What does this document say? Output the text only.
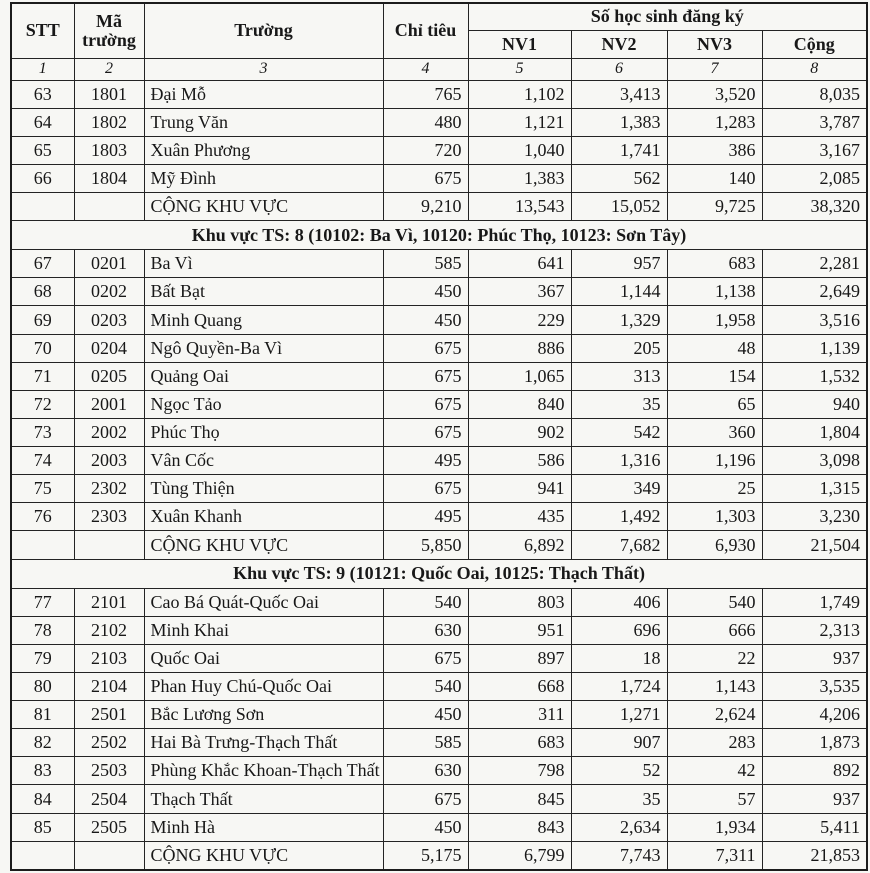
STT	Mã trường	Trường	Chỉ tiêu	Số học sinh đăng ký			
				NV1	NV2	NV3	Cộng
1	2	3	4	5	6	7	8
63	1801	Đại Mỗ	765	1,102	3,413	3,520	8,035
64	1802	Trung Văn	480	1,121	1,383	1,283	3,787
65	1803	Xuân Phương	720	1,040	1,741	386	3,167
66	1804	Mỹ Đình	675	1,383	562	140	2,085
		CỘNG KHU VỰC	9,210	13,543	15,052	9,725	38,320
Khu vực TS: 8 (10102: Ba Vì, 10120: Phúc Thọ, 10123: Sơn Tây)							
67	0201	Ba Vì	585	641	957	683	2,281
68	0202	Bất Bạt	450	367	1,144	1,138	2,649
69	0203	Minh Quang	450	229	1,329	1,958	3,516
70	0204	Ngô Quyền-Ba Vì	675	886	205	48	1,139
71	0205	Quảng Oai	675	1,065	313	154	1,532
72	2001	Ngọc Tảo	675	840	35	65	940
73	2002	Phúc Thọ	675	902	542	360	1,804
74	2003	Vân Cốc	495	586	1,316	1,196	3,098
75	2302	Tùng Thiện	675	941	349	25	1,315
76	2303	Xuân Khanh	495	435	1,492	1,303	3,230
		CỘNG KHU VỰC	5,850	6,892	7,682	6,930	21,504
Khu vực TS: 9 (10121: Quốc Oai, 10125: Thạch Thất)							
77	2101	Cao Bá Quát-Quốc Oai	540	803	406	540	1,749
78	2102	Minh Khai	630	951	696	666	2,313
79	2103	Quốc Oai	675	897	18	22	937
80	2104	Phan Huy Chú-Quốc Oai	540	668	1,724	1,143	3,535
81	2501	Bắc Lương Sơn	450	311	1,271	2,624	4,206
82	2502	Hai Bà Trưng-Thạch Thất	585	683	907	283	1,873
83	2503	Phùng Khắc Khoan-Thạch Thất	630	798	52	42	892
84	2504	Thạch Thất	675	845	35	57	937
85	2505	Minh Hà	450	843	2,634	1,934	5,411
		CỘNG KHU VỰC	5,175	6,799	7,743	7,311	21,853
